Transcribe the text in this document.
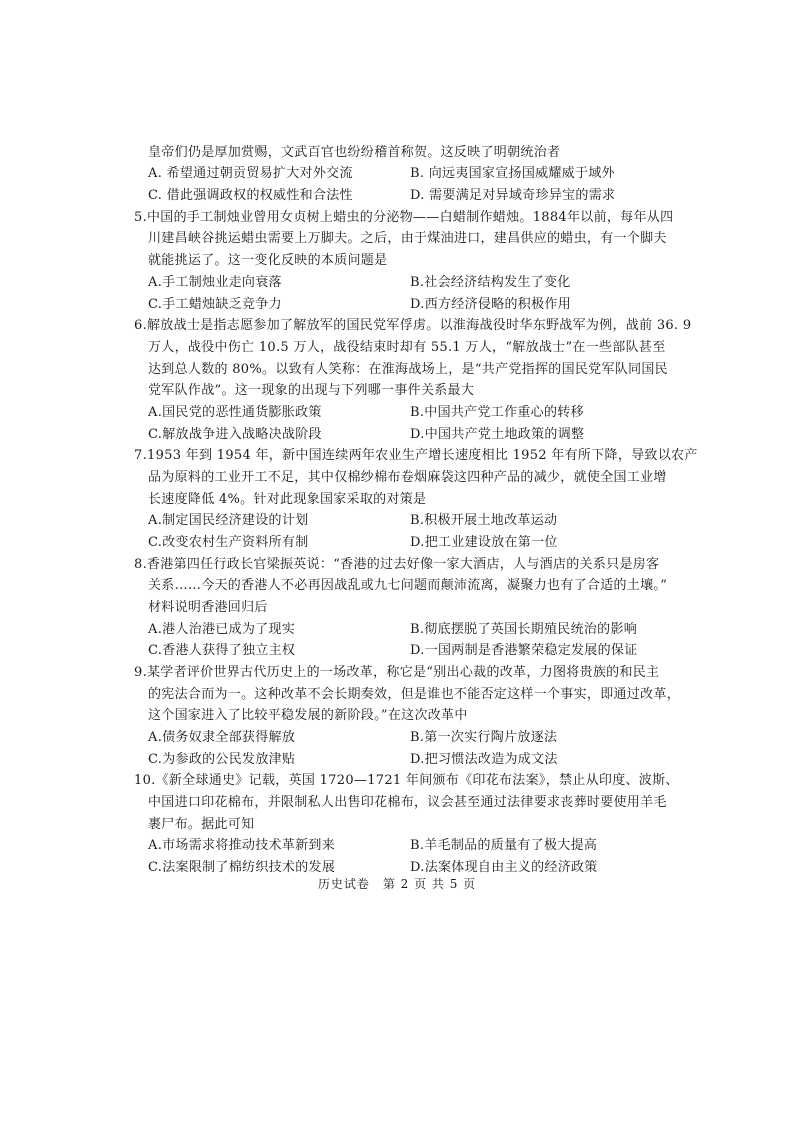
皇帝们仍是厚加赏赐，文武百官也纷纷稽首称贺。这反映了明朝统治者
A. 希望通过朝贡贸易扩大对外交流	B. 向远夷国家宣扬国威耀威于域外
C. 借此强调政权的权威性和合法性	D. 需要满足对异域奇珍异宝的需求
5.中国的手工制烛业曾用女贞树上蜡虫的分泌物——白蜡制作蜡烛。1884年以前，每年从四
川建昌峡谷挑运蜡虫需要上万脚夫。之后，由于煤油进口，建昌供应的蜡虫，有一个脚夫
就能挑运了。这一变化反映的本质问题是
A.手工制烛业走向衰落	B.社会经济结构发生了变化
C.手工蜡烛缺乏竞争力	D.西方经济侵略的积极作用
6.解放战士是指志愿参加了解放军的国民党军俘虏。以淮海战役时华东野战军为例，战前 36. 9
万人，战役中伤亡 10.5 万人，战役结束时却有 55.1 万人，“解放战士”在一些部队甚至
达到总人数的 80%。以致有人笑称：在淮海战场上，是“共产党指挥的国民党军队同国民
党军队作战”。这一现象的出现与下列哪一事件关系最大
A.国民党的恶性通货膨胀政策	B.中国共产党工作重心的转移
C.解放战争进入战略决战阶段	D.中国共产党土地政策的调整
7.1953 年到 1954 年，新中国连续两年农业生产增长速度相比 1952 年有所下降，导致以农产
品为原料的工业开工不足，其中仅棉纱棉布卷烟麻袋这四种产品的减少，就使全国工业增
长速度降低 4%。针对此现象国家采取的对策是
A.制定国民经济建设的计划	B.积极开展土地改革运动
C.改变农村生产资料所有制	D.把工业建设放在第一位
8.香港第四任行政长官梁振英说：“香港的过去好像一家大酒店，人与酒店的关系只是房客
关系……今天的香港人不必再因战乱或九七问题而颠沛流离，凝聚力也有了合适的土壤。”
材料说明香港回归后
A.港人治港已成为了现实	B.彻底摆脱了英国长期殖民统治的影响
C.香港人获得了独立主权	D.一国两制是香港繁荣稳定发展的保证
9.某学者评价世界古代历史上的一场改革，称它是“别出心裁的改革，力图将贵族的和民主
的宪法合而为一。这种改革不会长期奏效，但是谁也不能否定这样一个事实，即通过改革，
这个国家进入了比较平稳发展的新阶段。”在这次改革中
A.债务奴隶全部获得解放	B.第一次实行陶片放逐法
C.为参政的公民发放津贴	D.把习惯法改造为成文法
10.《新全球通史》记载，英国 1720—1721 年间颁布《印花布法案》，禁止从印度、波斯、
中国进口印花棉布，并限制私人出售印花棉布，议会甚至通过法律要求丧葬时要使用羊毛
裹尸布。据此可知
A.市场需求将推动技术革新到来	B.羊毛制品的质量有了极大提高
C.法案限制了棉纺织技术的发展	D.法案体现自由主义的经济政策
历史试卷　第 2 页 共 5 页
